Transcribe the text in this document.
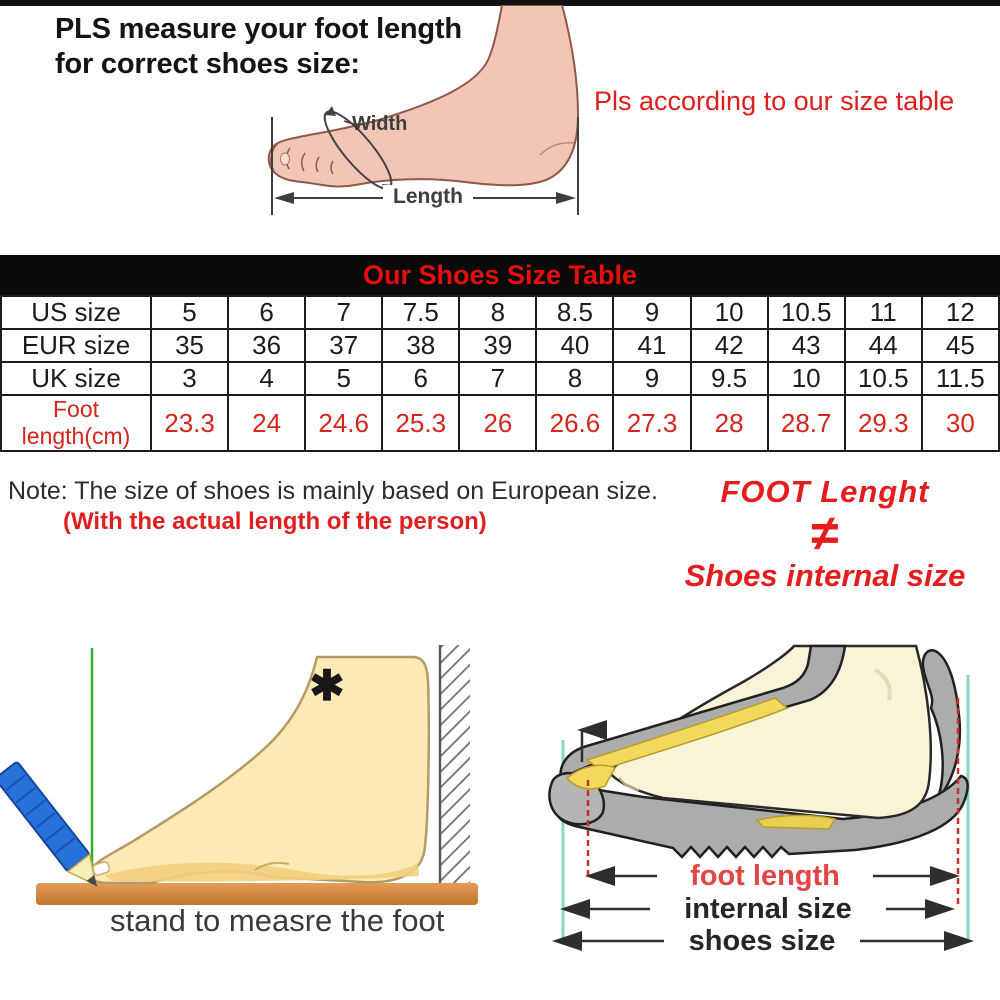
PLS measure your foot length
for correct shoes size:
Width
Length
Pls according to our size table
Our Shoes Size Table
US size	5	6	7	7.5	8	8.5	9	10	10.5	11	12
EUR size	35	36	37	38	39	40	41	42	43	44	45
UK size	3	4	5	6	7	8	9	9.5	10	10.5	11.5
Foot length(cm)	23.3	24	24.6	25.3	26	26.6	27.3	28	28.7	29.3	30
Note: The size of shoes is mainly based on European size.
(With the actual length of the person)
FOOT Lenght
≠
Shoes internal size
✱
stand to measre the foot
foot length
internal size
shoes size
